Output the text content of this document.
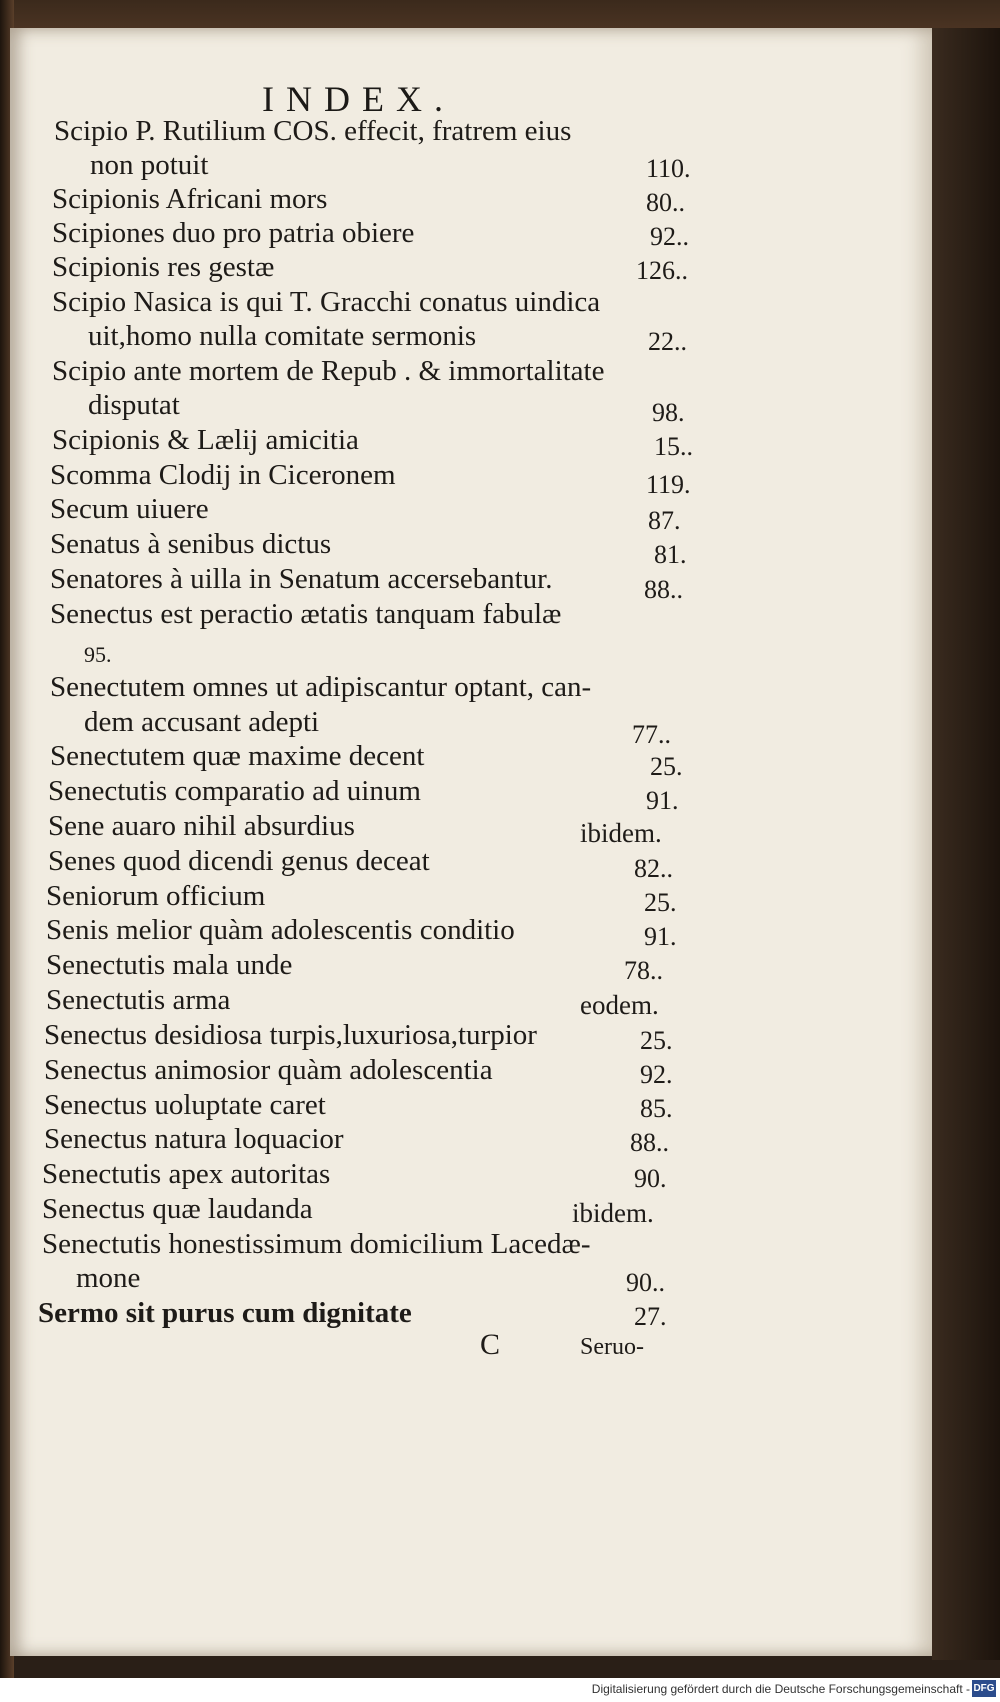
INDEX.
Scipio P. Rutilium COS. effecit, fratrem eius
non potuit	110.
Scipionis Africani mors	80..
Scipiones duo pro patria obiere	92..
Scipionis res gestæ	126..
Scipio Nasica is qui T. Gracchi conatus uindica
uit,homo nulla comitate sermonis	22..
Scipio ante mortem de Repub . & immortalitate
disputat	98.
Scipionis & Lælij amicitia	15..
Scomma Clodij in Ciceronem	119.
Secum uiuere	87.
Senatus à senibus dictus	81.
Senatores à uilla in Senatum accersebantur.	88..
Senectus est peractio ætatis tanquam fabulæ
95.
Senectutem omnes ut adipiscantur optant, can-
dem accusant adepti	77..
Senectutem quæ maxime decent	25.
Senectutis comparatio ad uinum	91.
Sene auaro nihil absurdius	ibidem.
Senes quod dicendi genus deceat	82..
Seniorum officium	25.
Senis melior quàm adolescentis conditio	91.
Senectutis mala unde	78..
Senectutis arma	eodem.
Senectus desidiosa turpis,luxuriosa,turpior	25.
Senectus animosior quàm adolescentia	92.
Senectus uoluptate caret	85.
Senectus natura loquacior	88..
Senectutis apex autoritas	90.
Senectus quæ laudanda	ibidem.
Senectutis honestissimum domicilium Lacedæ-
mone	90..
Sermo sit purus cum dignitate	27.
C	Seruo-
Digitalisierung gefördert durch die Deutsche Forschungsgemeinschaft - DFG
